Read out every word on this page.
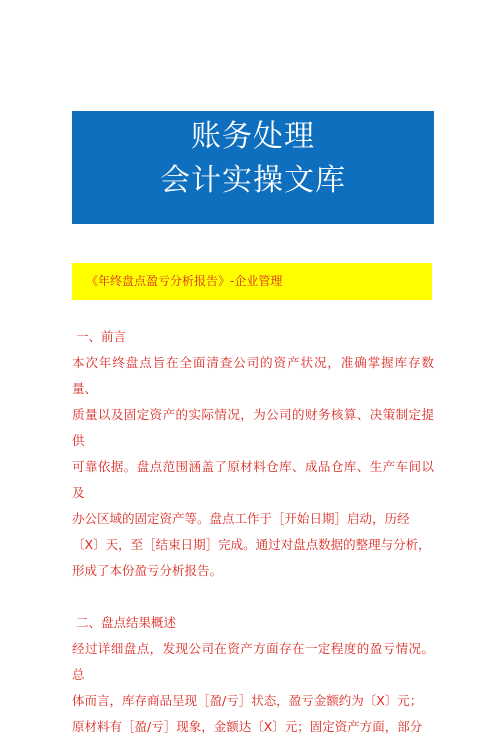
账务处理
会计实操文库
《年终盘点盈亏分析报告》-企业管理
一、前言
本次年终盘点旨在全面清查公司的资产状况，准确掌握库存数量、
质量以及固定资产的实际情况，为公司的财务核算、决策制定提供
可靠依据。盘点范围涵盖了原材料仓库、成品仓库、生产车间以及
办公区域的固定资产等。盘点工作于［开始日期］启动，历经
〔X〕天，至［结束日期］完成。通过对盘点数据的整理与分析，
形成了本份盈亏分析报告。
二、盘点结果概述
经过详细盘点，发现公司在资产方面存在一定程度的盈亏情况。总
体而言，库存商品呈现［盈/亏］状态，盈亏金额约为〔X〕元；
原材料有［盈/亏］现象，金额达〔X〕元；固定资产方面，部分
